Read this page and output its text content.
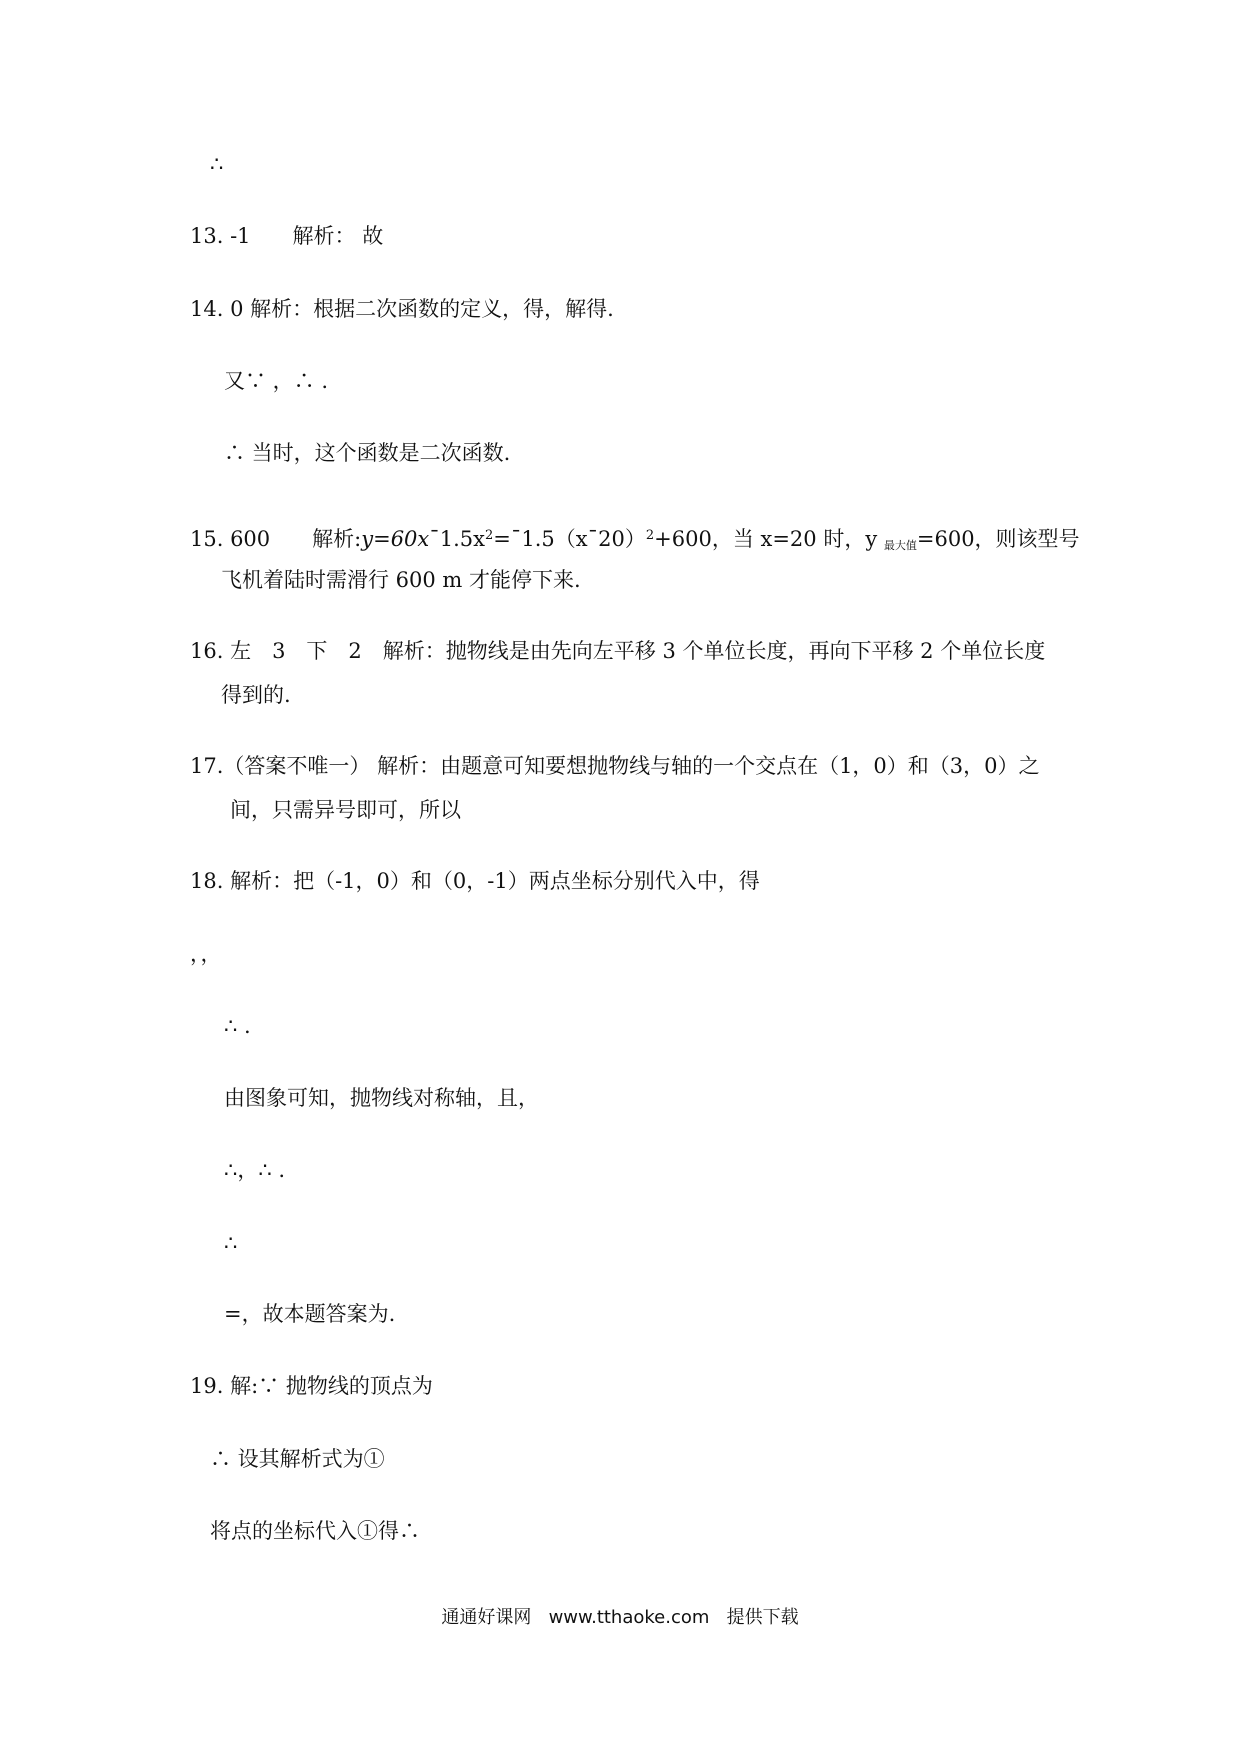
∴
13. -1　　解析： 故
14. 0 解析：根据二次函数的定义，得，解得.
又∵ ，∴ .
∴ 当时，这个函数是二次函数.
15. 600　　解析$:y=60x¯1.5x^2=¯1.5(x¯20)^2+600$，当 x=20 时，y $_{最大值}$=600，则该型号
飞机着陆时需滑行 600 m 才能停下来.
16. 左　3　下　2　解析：抛物线是由先向左平移 3 个单位长度，再向下平移 2 个单位长度
得到的.
17.（答案不唯一） 解析：由题意可知要想抛物线与轴的一个交点在（1，0）和（3，0）之
间，只需异号即可，所以
18. 解析：把（-1，0）和（0，-1）两点坐标分别代入中，得
，，
∴ .
由图象可知，抛物线对称轴，且，
∴，∴ .
∴
=，故本题答案为.
19. 解:∵ 抛物线的顶点为
∴ 设其解析式为①
将点的坐标代入①得∴
通通好课网 www.tthaoke.com 提供下载
